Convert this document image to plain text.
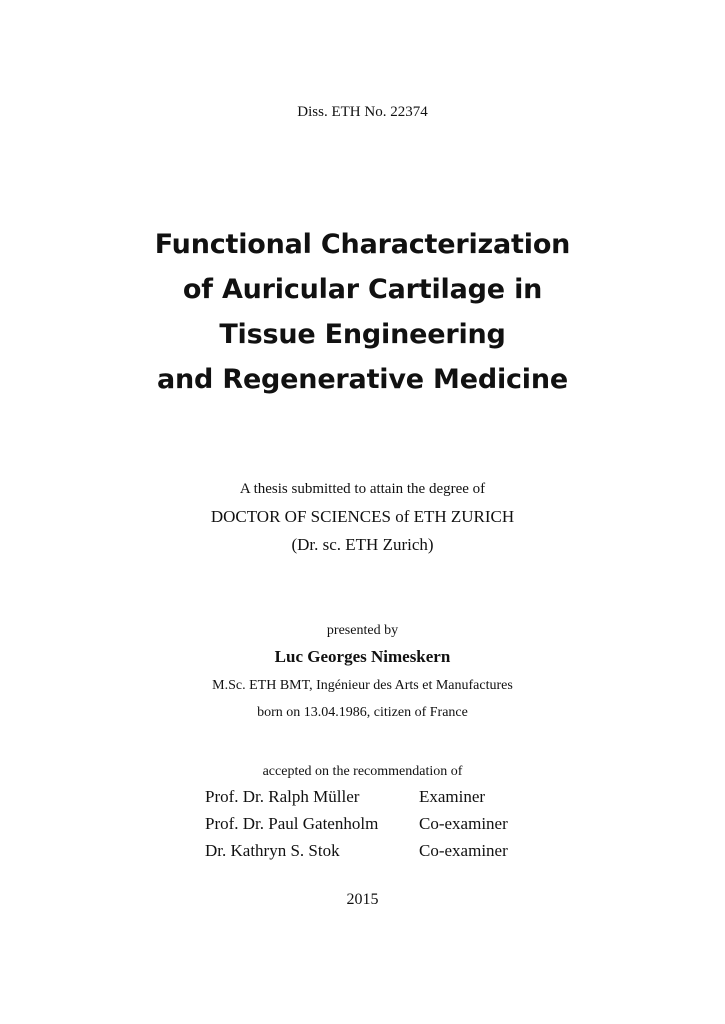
Diss. ETH No. 22374
Functional Characterization
of Auricular Cartilage in
Tissue Engineering
and Regenerative Medicine
A thesis submitted to attain the degree of
DOCTOR OF SCIENCES of ETH ZURICH
(Dr. sc. ETH Zurich)
presented by
Luc Georges Nimeskern
M.Sc. ETH BMT, Ingénieur des Arts et Manufactures
born on 13.04.1986, citizen of France
accepted on the recommendation of
Prof. Dr. Ralph Müller	Examiner
Prof. Dr. Paul Gatenholm	Co-examiner
Dr. Kathryn S. Stok	Co-examiner
2015
